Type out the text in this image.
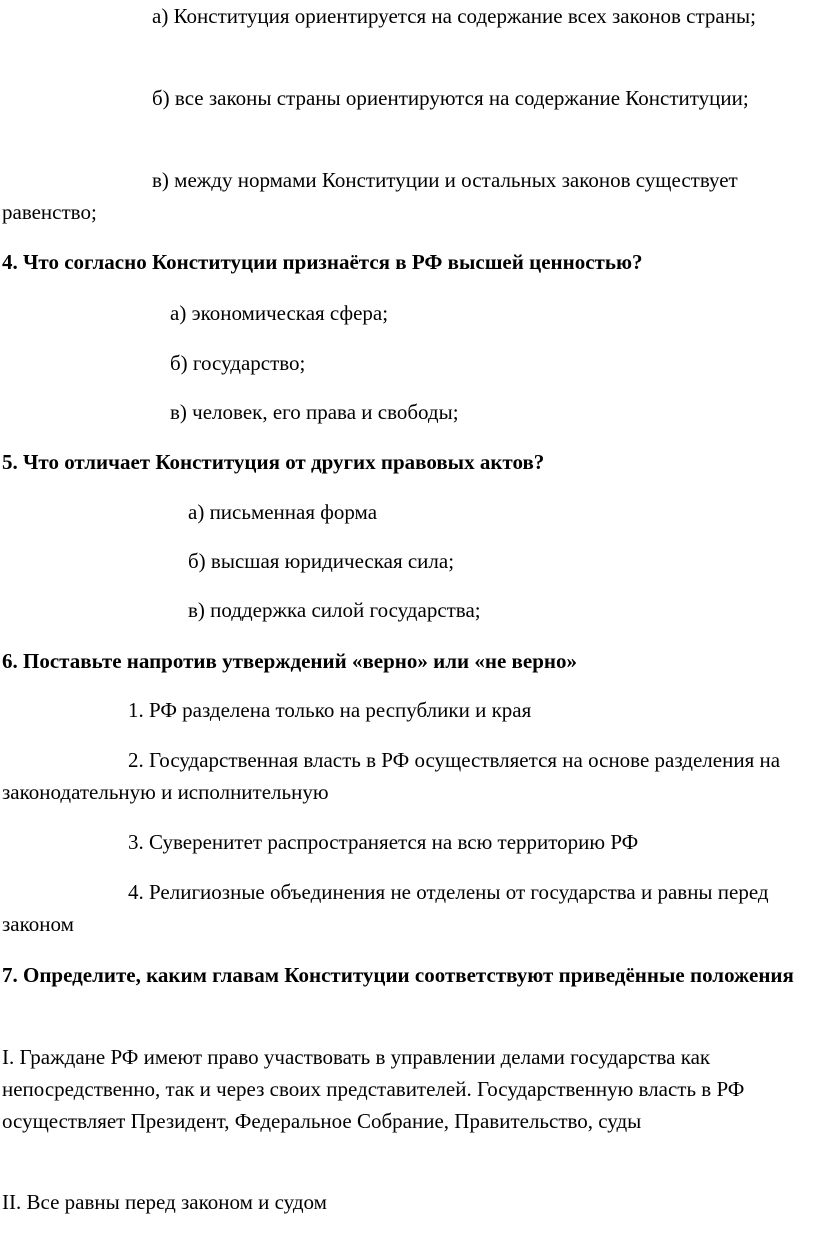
а) Конституция ориентируется на содержание всех законов страны;

б) все законы страны ориентируются на содержание Конституции;

в) между нормами Конституции и остальных законов существует равенство;

4. Что согласно Конституции признаётся в РФ высшей ценностью?

а) экономическая сфера;

б) государство;

в) человек, его права и свободы;

5. Что отличает Конституция от других правовых актов?

а) письменная форма

б) высшая юридическая сила;

в) поддержка силой государства;

6. Поставьте напротив утверждений «верно» или «не верно»

1. РФ разделена только на республики и края

2. Государственная власть в РФ осуществляется на основе разделения на законодательную и исполнительную

3. Суверенитет распространяется на всю территорию РФ

4. Религиозные объединения не отделены от государства и равны перед законом

7. Определите, каким главам Конституции соответствуют приведённые положения

I. Граждане РФ имеют право участвовать в управлении делами государства как непосредственно, так и через своих представителей. Государственную власть в РФ осуществляет Президент, Федеральное Собрание, Правительство, суды

II. Все равны перед законом и судом
